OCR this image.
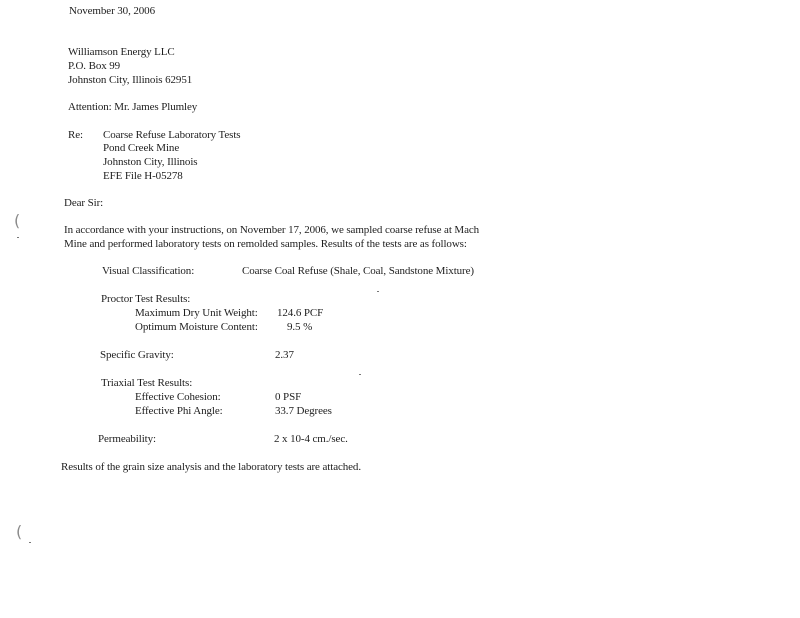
November 30, 2006
Williamson Energy LLC
P.O. Box 99
Johnston City, Illinois 62951
Attention: Mr. James Plumley
Re: Coarse Refuse Laboratory Tests
Pond Creek Mine
Johnston City, Illinois
EFE File H-05278
Dear Sir:
(	In accordance with your instructions, on November 17, 2006, we sampled coarse refuse at Mach
Mine and performed laboratory tests on remolded samples. Results of the tests are as follows:
Visual Classification:	Coarse Coal Refuse (Shale, Coal, Sandstone Mixture)
Proctor Test Results:
Maximum Dry Unit Weight: 124.6 PCF
Optimum Moisture Content:	9.5 %
Specific Gravity:	2.37
Triaxial Test Results:
Effective Cohesion:	0 PSF
Effective Phi Angle:	33.7 Degrees
Permeability:	2 x 10-4 cm./sec.
Results of the grain size analysis and the laboratory tests are attached.
(
